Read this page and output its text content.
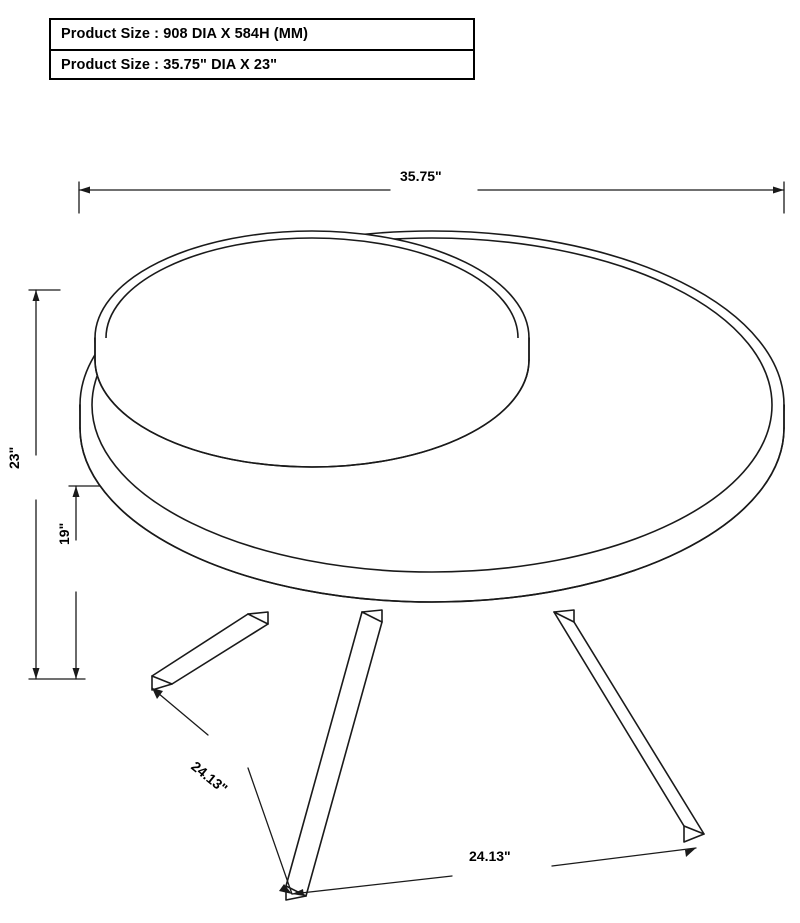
Product Size : 908 DIA X 584H (MM)
Product Size : 35.75" DIA X 23"
35.75"
23"
19"
24.13"
24.13"
